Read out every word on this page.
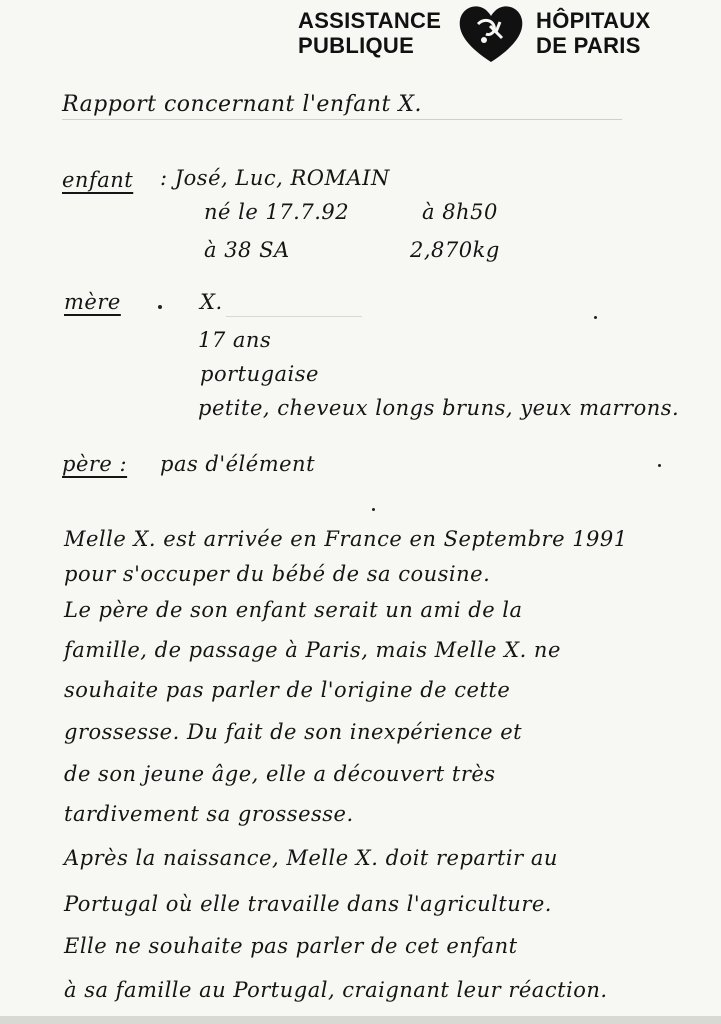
ASSISTANCE
PUBLIQUE
HÔPITAUX
DE PARIS
Rapport concernant l'enfant X.
enfant : José, Luc, ROMAIN
né le 17.7.92	à 8h50
à 38 SA	2,870kg
mère	X.
17 ans
portugaise
petite, cheveux longs bruns, yeux marrons.
père : pas d'élément
Melle X. est arrivée en France en Septembre 1991
pour s'occuper du bébé de sa cousine.
Le père de son enfant serait un ami de la
famille, de passage à Paris, mais Melle X. ne
souhaite pas parler de l'origine de cette
grossesse. Du fait de son inexpérience et
de son jeune âge, elle a découvert très
tardivement sa grossesse.
Après la naissance, Melle X. doit repartir au
Portugal où elle travaille dans l'agriculture.
Elle ne souhaite pas parler de cet enfant
à sa famille au Portugal, craignant leur réaction.
